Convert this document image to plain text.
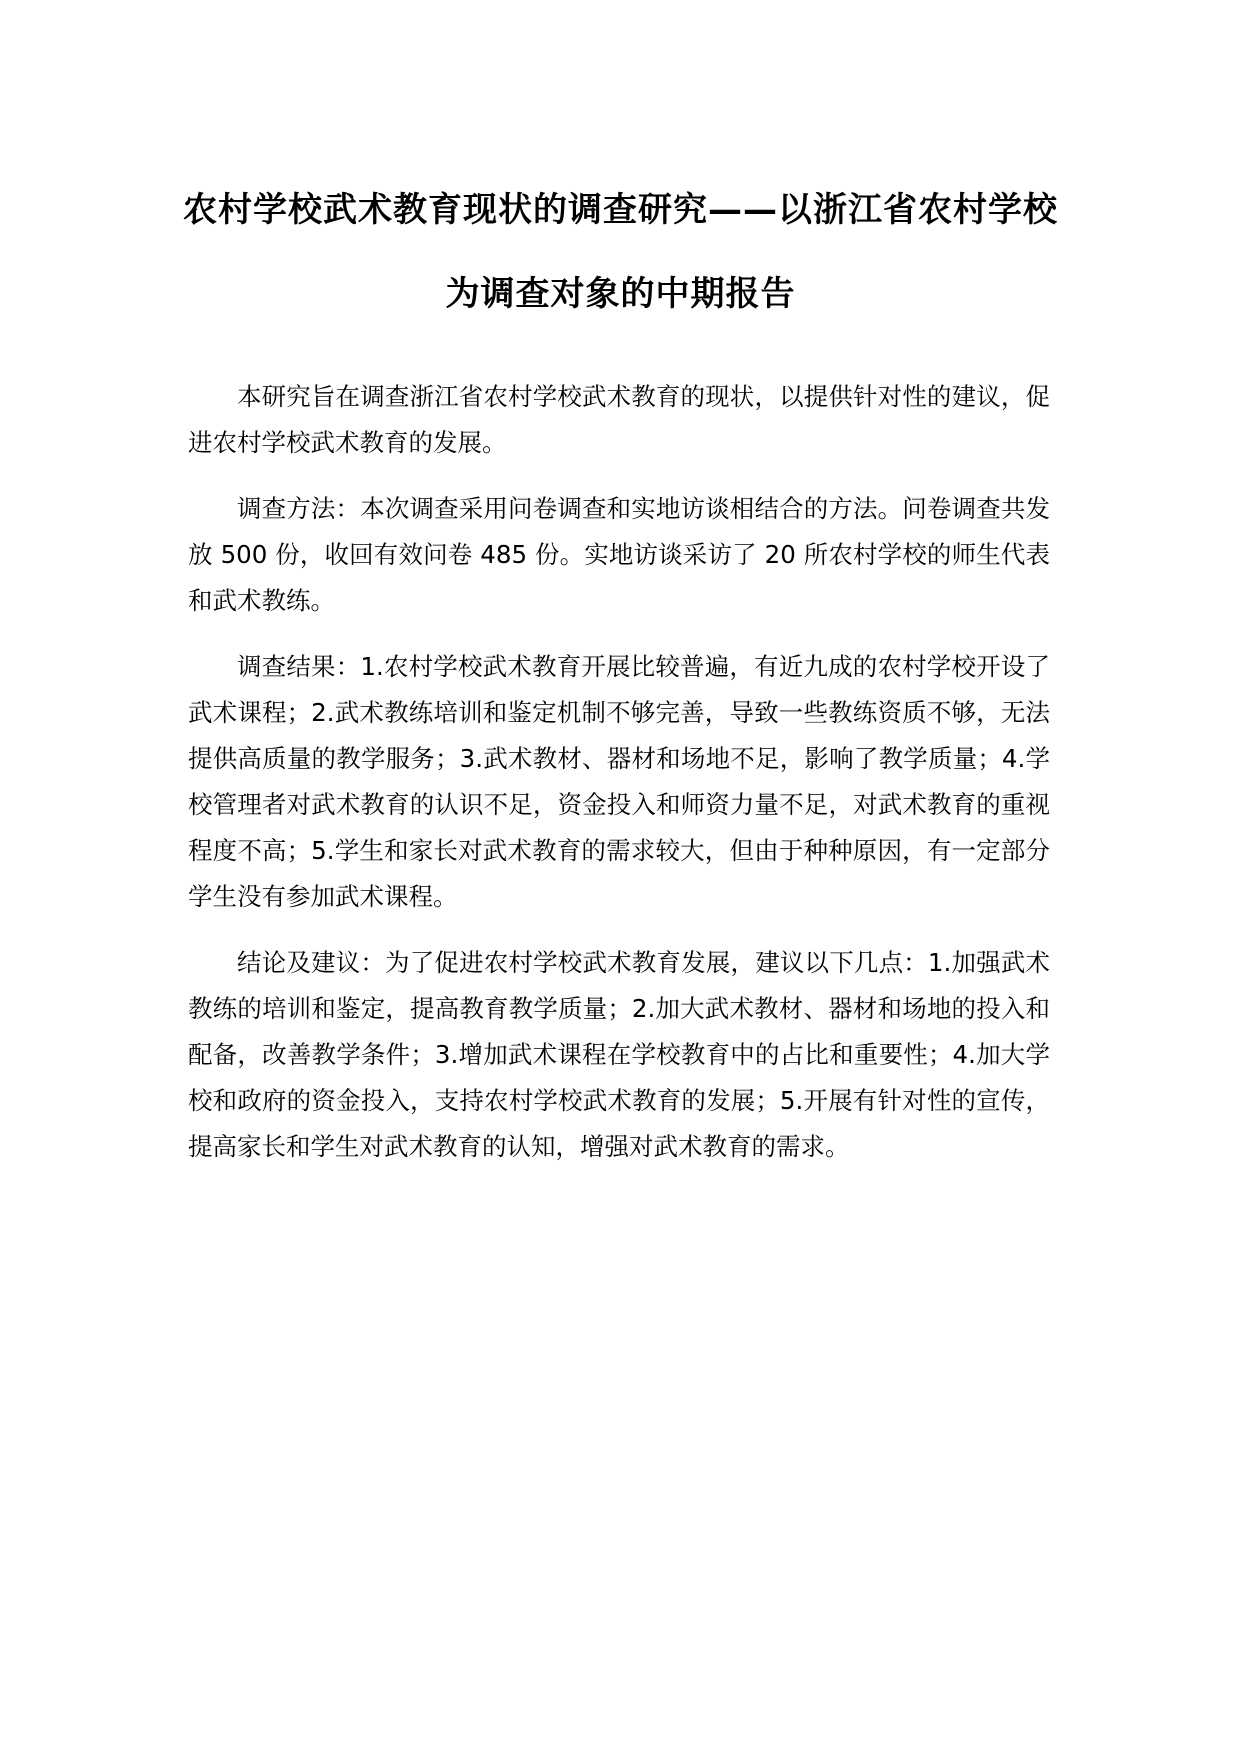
农村学校武术教育现状的调查研究——以浙江省农村学校为调查对象的中期报告

本研究旨在调查浙江省农村学校武术教育的现状，以提供针对性的建议，促进农村学校武术教育的发展。

调查方法：本次调查采用问卷调查和实地访谈相结合的方法。问卷调查共发放 500 份，收回有效问卷 485 份。实地访谈采访了 20 所农村学校的师生代表和武术教练。

调查结果：1.农村学校武术教育开展比较普遍，有近九成的农村学校开设了武术课程；2.武术教练培训和鉴定机制不够完善，导致一些教练资质不够，无法提供高质量的教学服务；3.武术教材、器材和场地不足，影响了教学质量；4.学校管理者对武术教育的认识不足，资金投入和师资力量不足，对武术教育的重视程度不高；5.学生和家长对武术教育的需求较大，但由于种种原因，有一定部分学生没有参加武术课程。

结论及建议：为了促进农村学校武术教育发展，建议以下几点：1.加强武术教练的培训和鉴定，提高教育教学质量；2.加大武术教材、器材和场地的投入和配备，改善教学条件；3.增加武术课程在学校教育中的占比和重要性；4.加大学校和政府的资金投入，支持农村学校武术教育的发展；5.开展有针对性的宣传，提高家长和学生对武术教育的认知，增强对武术教育的需求。
